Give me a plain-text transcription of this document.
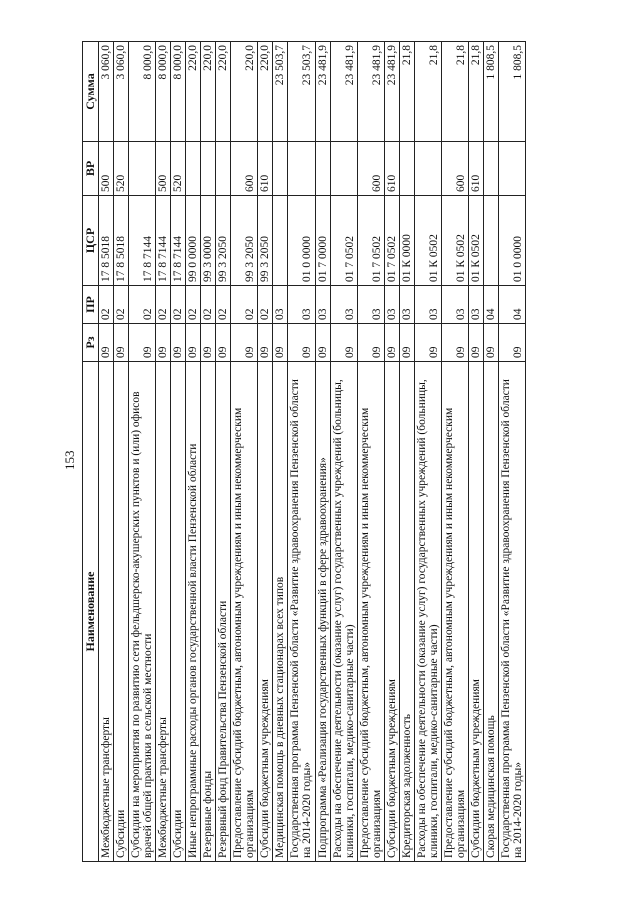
153
Наименование	Рз	ПР	ЦСР	ВР	Сумма
Межбюджетные трансферты	09	02	17 8 5018	500	3 060,0
Субсидии	09	02	17 8 5018	520	3 060,0
Субсидии на мероприятия по развитию сети фельдшерско-акушерских пунктов и (или) офисов врачей общей практики в сельской местности	09	02	17 8 7144		8 000,0
Межбюджетные трансферты	09	02	17 8 7144	500	8 000,0
Субсидии	09	02	17 8 7144	520	8 000,0
Иные непрограммные расходы органов государственной власти Пензенской области	09	02	99 0 0000		220,0
Резервные фонды	09	02	99 3 0000		220,0
Резервный фонд Правительства Пензенской области	09	02	99 3 2050		220,0
Предоставление субсидий бюджетным, автономным учреждениям и иным некоммерческим организациям	09	02	99 3 2050	600	220,0
Субсидии бюджетным учреждениям	09	02	99 3 2050	610	220,0
Медицинская помощь в дневных стационарах всех типов	09	03			23 503,7
Государственная программа Пензенской области «Развитие здравоохранения Пензенской области на 2014-2020 годы»	09	03	01 0 0000		23 503,7
Подпрограмма «Реализация государственных функций в сфере здравоохранения»	09	03	01 7 0000		23 481,9
Расходы на обеспечение деятельности (оказание услуг) государственных учреждений (больницы, клиники, госпитали, медико-санитарные части)	09	03	01 7 0502		23 481,9
Предоставление субсидий бюджетным, автономным учреждениям и иным некоммерческим организациям	09	03	01 7 0502	600	23 481,9
Субсидии бюджетным учреждениям	09	03	01 7 0502	610	23 481,9
Кредиторская задолженность	09	03	01 К 0000		21,8
Расходы на обеспечение деятельности (оказание услуг) государственных учреждений (больницы, клиники, госпитали, медико-санитарные части)	09	03	01 К 0502		21,8
Предоставление субсидий бюджетным, автономным учреждениям и иным некоммерческим организациям	09	03	01 К 0502	600	21,8
Субсидии бюджетным учреждениям	09	03	01 К 0502	610	21,8
Скорая медицинская помощь	09	04			1 808,5
Государственная программа Пензенской области «Развитие здравоохранения Пензенской области на 2014-2020 годы»	09	04	01 0 0000		1 808,5
